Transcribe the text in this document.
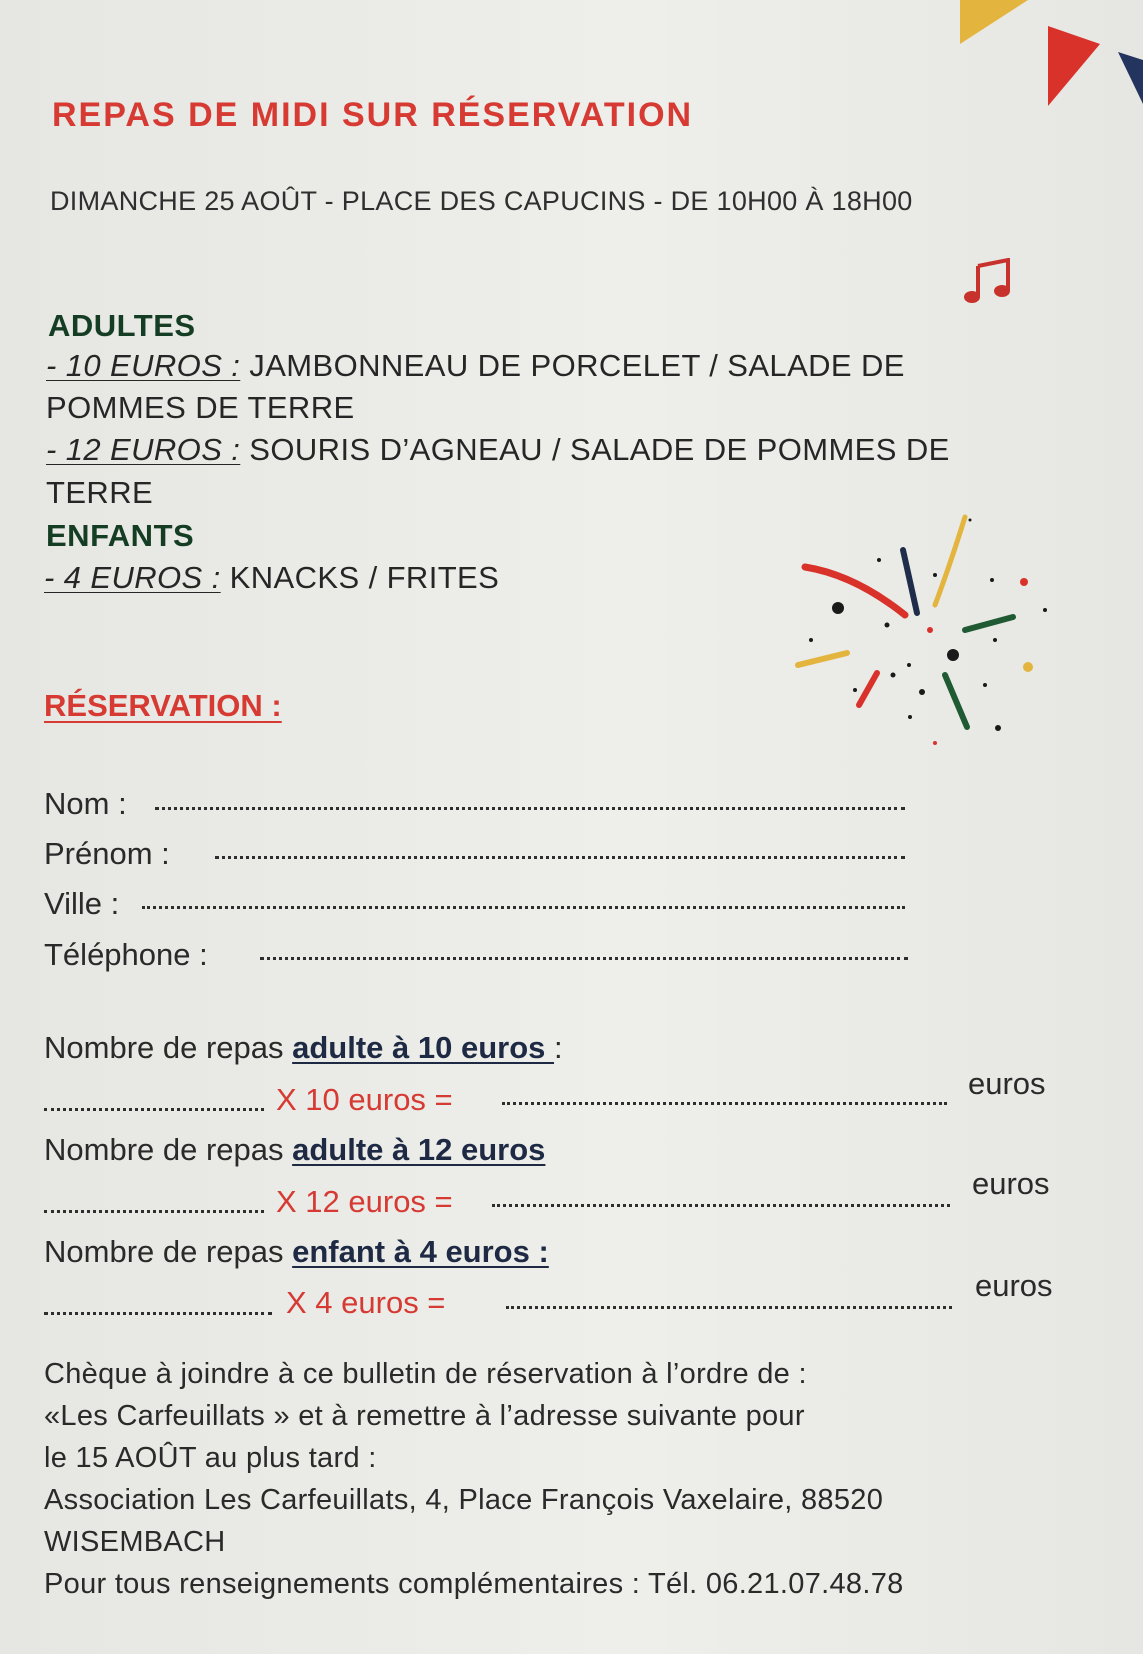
REPAS DE MIDI SUR RÉSERVATION
DIMANCHE 25 AOÛT - PLACE DES CAPUCINS - DE 10H00 À 18H00
ADULTES
- 10 EUROS : JAMBONNEAU DE PORCELET / SALADE DE
POMMES DE TERRE
- 12 EUROS : SOURIS D’AGNEAU / SALADE DE POMMES DE
TERRE
ENFANTS
- 4 EUROS : KNACKS / FRITES
RÉSERVATION :
Nom :
Prénom :
Ville :
Téléphone :
Nombre de repas adulte à 10 euros :
X 10 euros =	euros
Nombre de repas adulte à 12 euros
X 12 euros =
euros
Nombre de repas enfant à 4 euros :
X 4 euros =	euros
Chèque à joindre à ce bulletin de réservation à l’ordre de :
«Les Carfeuillats » et à remettre à l’adresse suivante pour
le 15 AOÛT au plus tard :
Association Les Carfeuillats, 4, Place François Vaxelaire, 88520
WISEMBACH
Pour tous renseignements complémentaires : Tél. 06.21.07.48.78
